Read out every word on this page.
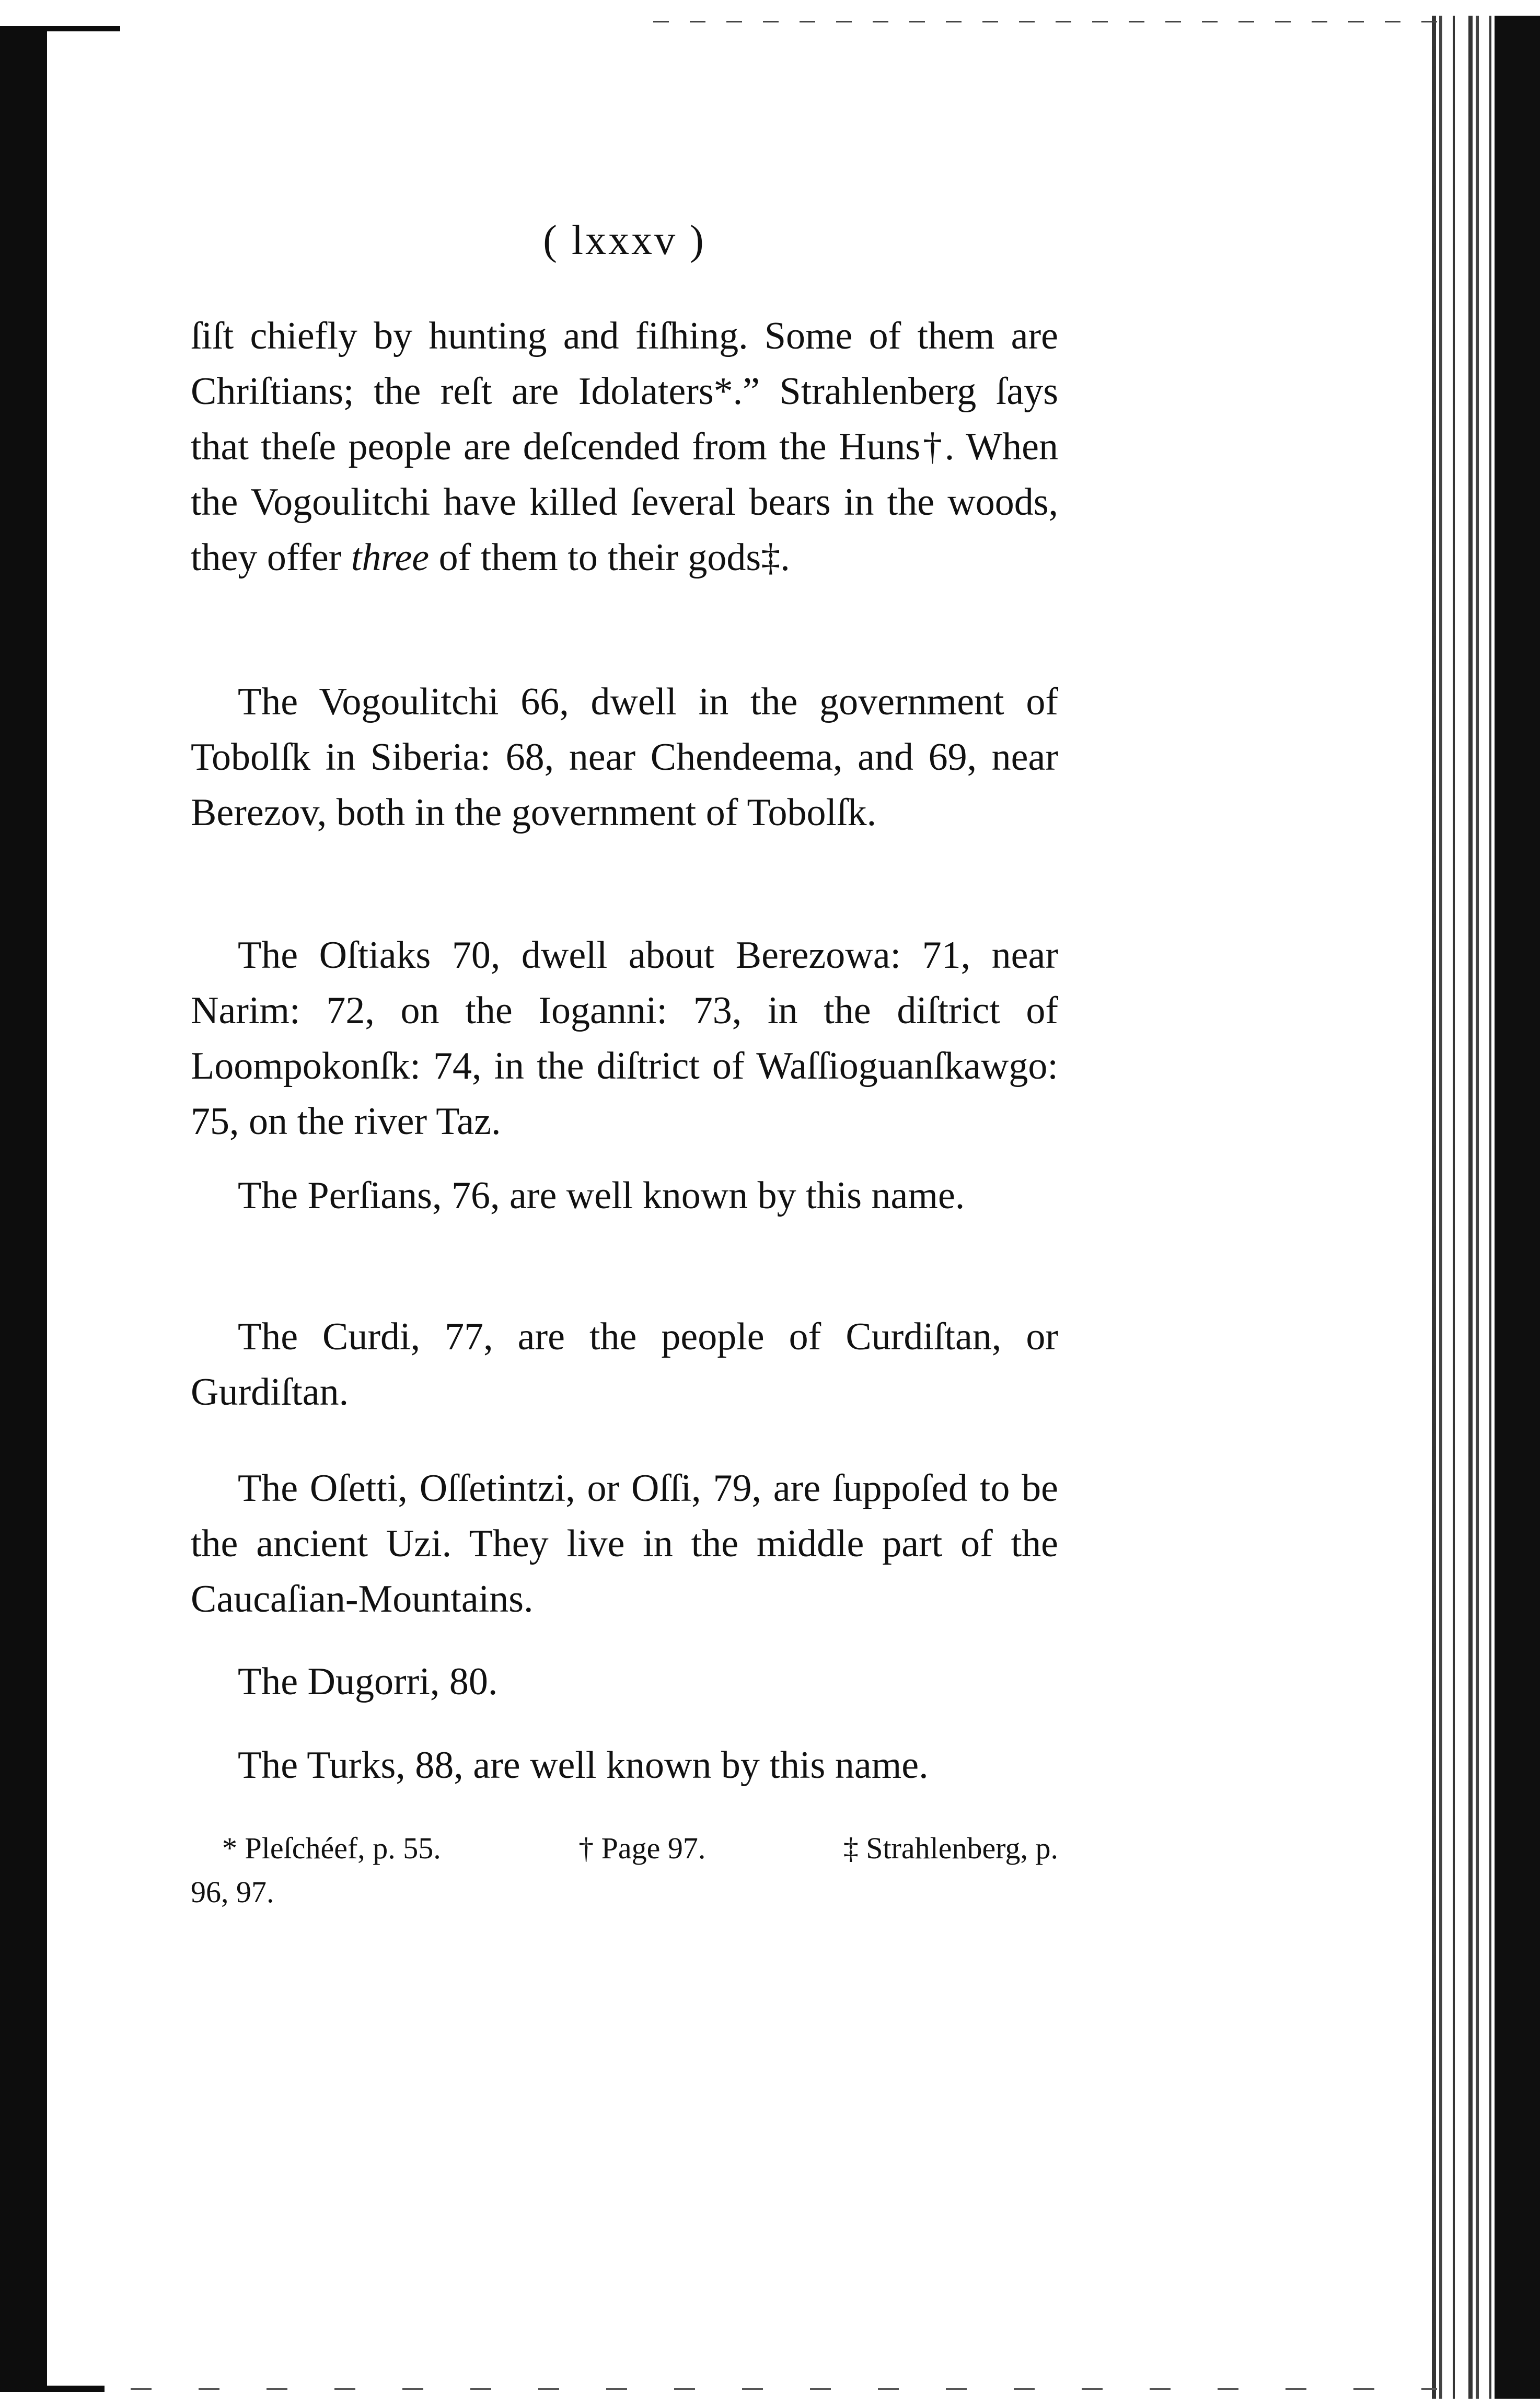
( lxxxv )

ſiſt chiefly by hunting and fiſhing. Some of them are Chriſtians; the reſt are Idolaters*.” Strahlenberg ſays that theſe people are deſcended from the Huns†. When the Vogoulitchi have killed ſeveral bears in the woods, they offer three of them to their gods‡.

The Vogoulitchi 66, dwell in the government of Tobolſk in Siberia: 68, near Chendeema, and 69, near Berezov, both in the government of Tobolſk.

The Oſtiaks 70, dwell about Berezowa: 71, near Narim: 72, on the Ioganni: 73, in the diſtrict of Loompokonſk: 74, in the diſtrict of Waſſioguanſkawgo: 75, on the river Taz.

The Perſians, 76, are well known by this name.

The Curdi, 77, are the people of Curdiſtan, or Gurdiſtan.

The Oſetti, Oſſetintzi, or Oſſi, 79, are ſuppoſed to be the ancient Uzi. They live in the middle part of the Caucaſian-Mountains.

The Dugorri, 80.

The Turks, 88, are well known by this name.

* Pleſchéef, p. 55.	† Page 97.	‡ Strahlenberg, p.
96, 97.
